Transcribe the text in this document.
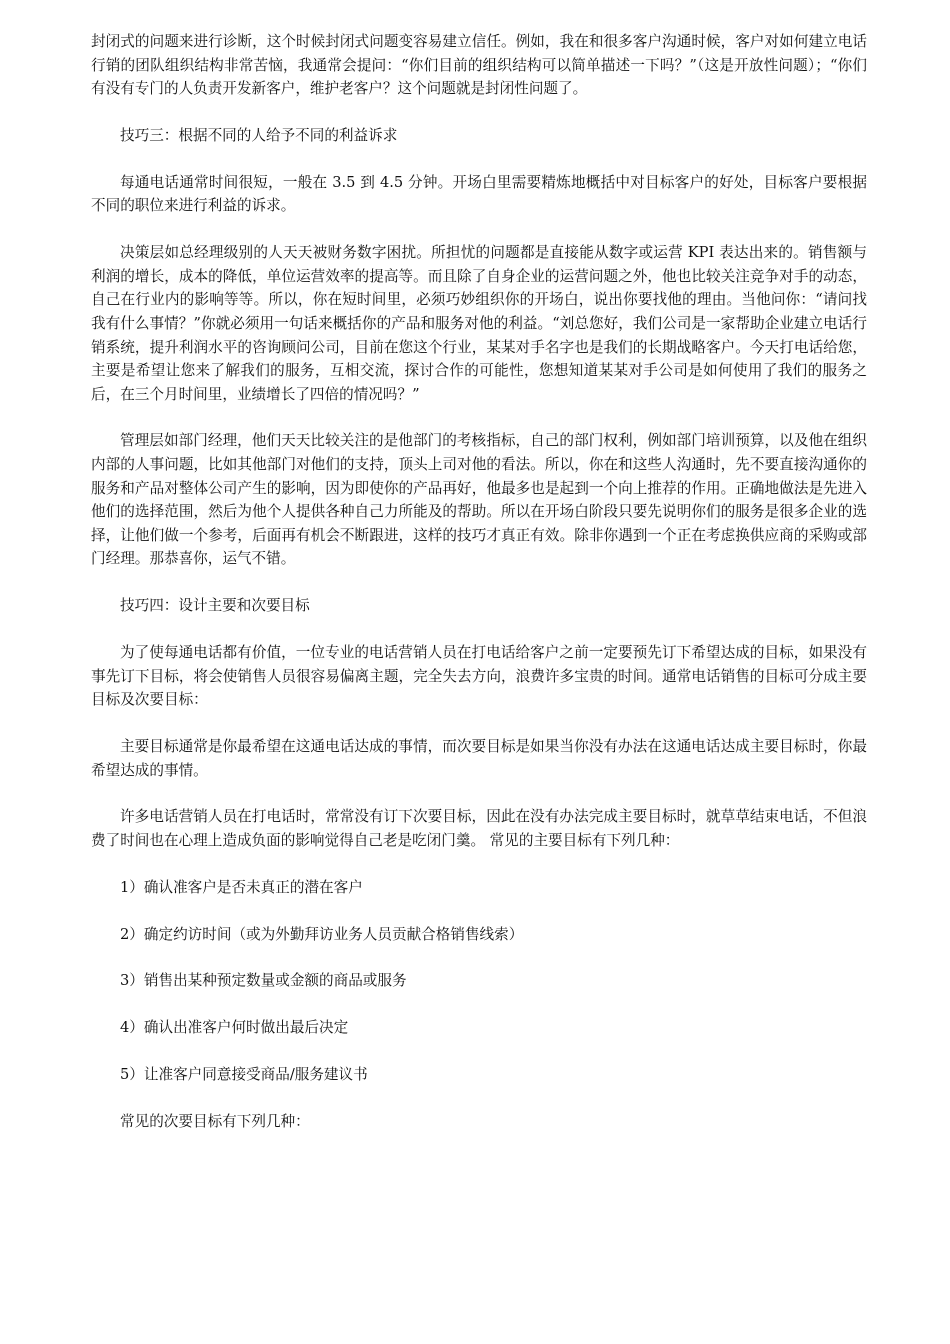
封闭式的问题来进行诊断，这个时候封闭式问题变容易建立信任。例如，我在和很多客户沟通时候，客户对如何建立电话行销的团队组织结构非常苦恼，我通常会提问：“你们目前的组织结构可以简单描述一下吗？”（这是开放性问题）；“你们有没有专门的人负责开发新客户，维护老客户？这个问题就是封闭性问题了。

技巧三：根据不同的人给予不同的利益诉求

每通电话通常时间很短，一般在 3.5 到 4.5 分钟。开场白里需要精炼地概括中对目标客户的好处，目标客户要根据不同的职位来进行利益的诉求。

决策层如总经理级别的人天天被财务数字困扰。所担忧的问题都是直接能从数字或运营 KPI 表达出来的。销售额与利润的增长，成本的降低，单位运营效率的提高等。而且除了自身企业的运营问题之外，他也比较关注竞争对手的动态，自己在行业内的影响等等。所以，你在短时间里，必须巧妙组织你的开场白，说出你要找他的理由。当他问你：“请问找我有什么事情？”你就必须用一句话来概括你的产品和服务对他的利益。“刘总您好，我们公司是一家帮助企业建立电话行销系统，提升利润水平的咨询顾问公司，目前在您这个行业，某某对手名字也是我们的长期战略客户。今天打电话给您，主要是希望让您来了解我们的服务，互相交流，探讨合作的可能性，您想知道某某对手公司是如何使用了我们的服务之后，在三个月时间里，业绩增长了四倍的情况吗？”

管理层如部门经理，他们天天比较关注的是他部门的考核指标，自己的部门权利，例如部门培训预算，以及他在组织内部的人事问题，比如其他部门对他们的支持，顶头上司对他的看法。所以，你在和这些人沟通时，先不要直接沟通你的服务和产品对整体公司产生的影响，因为即使你的产品再好，他最多也是起到一个向上推荐的作用。正确地做法是先进入他们的选择范围，然后为他个人提供各种自己力所能及的帮助。所以在开场白阶段只要先说明你们的服务是很多企业的选择，让他们做一个参考，后面再有机会不断跟进，这样的技巧才真正有效。除非你遇到一个正在考虑换供应商的采购或部门经理。那恭喜你，运气不错。

技巧四：设计主要和次要目标

为了使每通电话都有价值，一位专业的电话营销人员在打电话给客户之前一定要预先订下希望达成的目标，如果没有事先订下目标，将会使销售人员很容易偏离主题，完全失去方向，浪费许多宝贵的时间。通常电话销售的目标可分成主要目标及次要目标：

主要目标通常是你最希望在这通电话达成的事情，而次要目标是如果当你没有办法在这通电话达成主要目标时，你最希望达成的事情。

许多电话营销人员在打电话时，常常没有订下次要目标，因此在没有办法完成主要目标时，就草草结束电话，不但浪费了时间也在心理上造成负面的影响觉得自己老是吃闭门羹。 常见的主要目标有下列几种：

1）确认准客户是否未真正的潜在客户

2）确定约访时间（或为外勤拜访业务人员贡献合格销售线索）

3）销售出某种预定数量或金额的商品或服务

4）确认出准客户何时做出最后决定

5）让准客户同意接受商品/服务建议书

常见的次要目标有下列几种：
